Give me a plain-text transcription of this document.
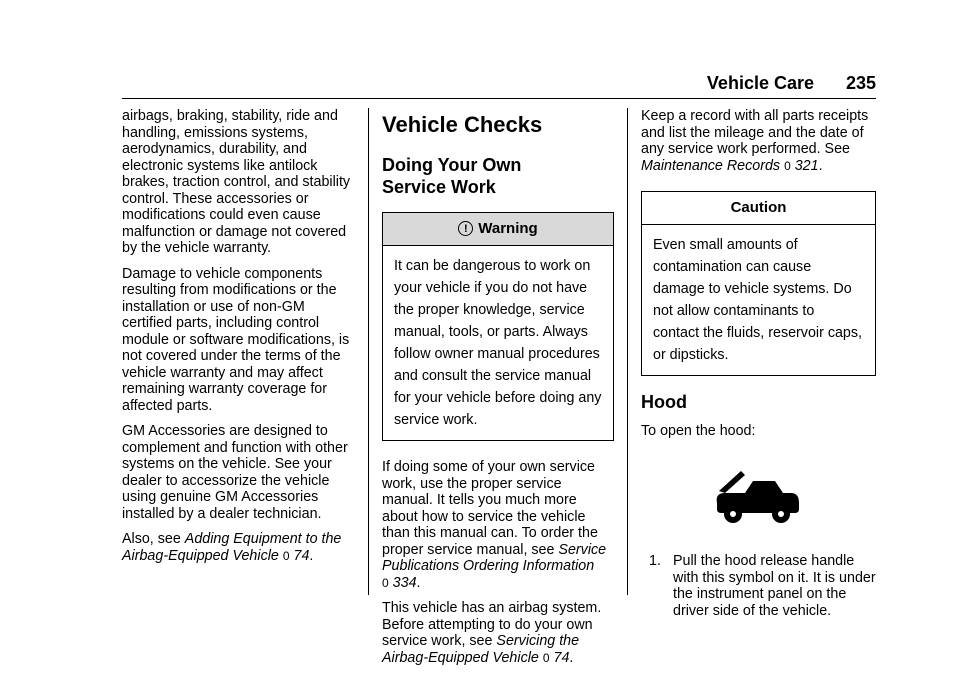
Vehicle Care 235

airbags, braking, stability, ride and handling, emissions systems, aerodynamics, durability, and electronic systems like antilock brakes, traction control, and stability control. These accessories or modifications could even cause malfunction or damage not covered by the vehicle warranty.

Damage to vehicle components resulting from modifications or the installation or use of non-GM certified parts, including control module or software modifications, is not covered under the terms of the vehicle warranty and may affect remaining warranty coverage for affected parts.

GM Accessories are designed to complement and function with other systems on the vehicle. See your dealer to accessorize the vehicle using genuine GM Accessories installed by a dealer technician.

Also, see Adding Equipment to the Airbag-Equipped Vehicle 0 74.

Vehicle Checks
Doing Your Own
Service Work
! Warning
It can be dangerous to work on your vehicle if you do not have the proper knowledge, service manual, tools, or parts. Always follow owner manual procedures and consult the service manual for your vehicle before doing any service work.

If doing some of your own service work, use the proper service manual. It tells you much more about how to service the vehicle than this manual can. To order the proper service manual, see Service Publications Ordering Information
0 334.

This vehicle has an airbag system. Before attempting to do your own service work, see Servicing the Airbag-Equipped Vehicle 0 74.

Keep a record with all parts receipts and list the mileage and the date of any service work performed. See Maintenance Records 0 321.

Caution
Even small amounts of contamination can cause damage to vehicle systems. Do not allow contaminants to contact the fluids, reservoir caps, or dipsticks.
Hood

To open the hood:

1. Pull the hood release handle with this symbol on it. It is under the instrument panel on the driver side of the vehicle.
